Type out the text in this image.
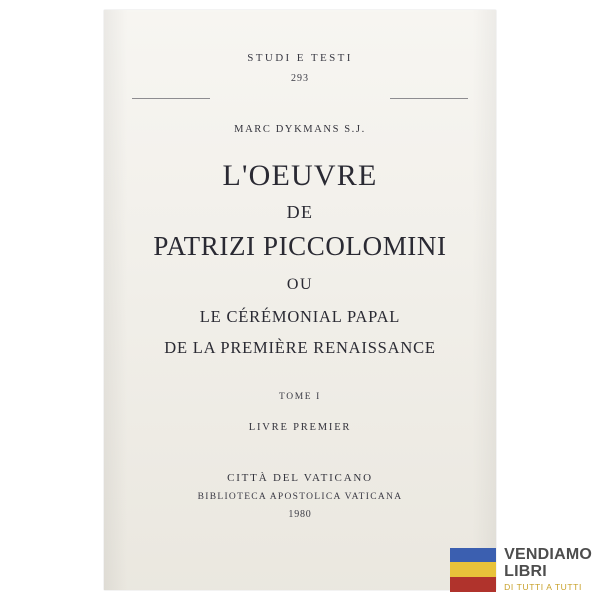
STUDI E TESTI
293
MARC DYKMANS S.J.
L'OEUVRE
DE
PATRIZI PICCOLOMINI
OU
LE CÉRÉMONIAL PAPAL
DE LA PREMIÈRE RENAISSANCE
TOME I
LIVRE PREMIER
CITTÀ DEL VATICANO
BIBLIOTECA APOSTOLICA VATICANA
1980
VENDIAMO
LIBRI
DI TUTTI A TUTTI
